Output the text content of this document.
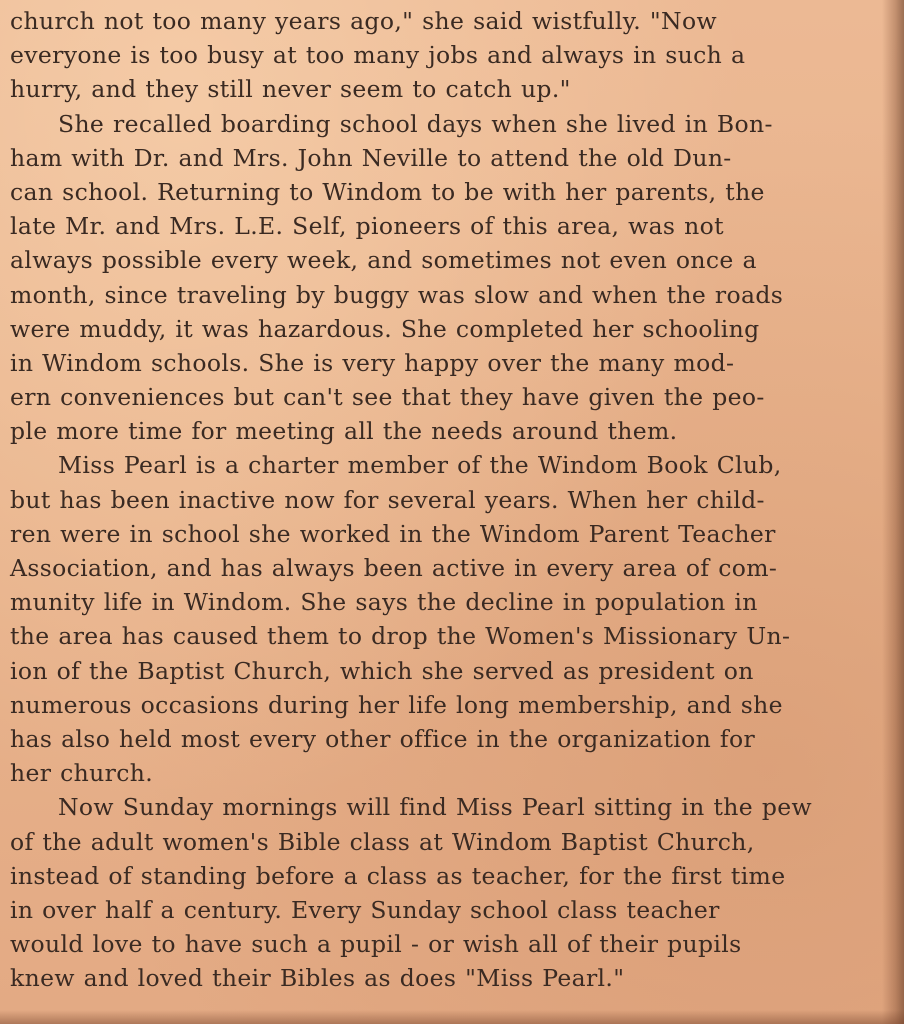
church not too many years ago," she said wistfully. "Now
everyone is too busy at too many jobs and always in such a
hurry, and they still never seem to catch up."
She recalled boarding school days when she lived in Bon-
ham with Dr. and Mrs. John Neville to attend the old Dun-
can school. Returning to Windom to be with her parents, the
late Mr. and Mrs. L.E. Self, pioneers of this area, was not
always possible every week, and sometimes not even once a
month, since traveling by buggy was slow and when the roads
were muddy, it was hazardous. She completed her schooling
in Windom schools. She is very happy over the many mod-
ern conveniences but can't see that they have given the peo-
ple more time for meeting all the needs around them.
Miss Pearl is a charter member of the Windom Book Club,
but has been inactive now for several years. When her child-
ren were in school she worked in the Windom Parent Teacher
Association, and has always been active in every area of com-
munity life in Windom. She says the decline in population in
the area has caused them to drop the Women's Missionary Un-
ion of the Baptist Church, which she served as president on
numerous occasions during her life long membership, and she
has also held most every other office in the organization for
her church.
Now Sunday mornings will find Miss Pearl sitting in the pew
of the adult women's Bible class at Windom Baptist Church,
instead of standing before a class as teacher, for the first time
in over half a century. Every Sunday school class teacher
would love to have such a pupil - or wish all of their pupils
knew and loved their Bibles as does "Miss Pearl."
